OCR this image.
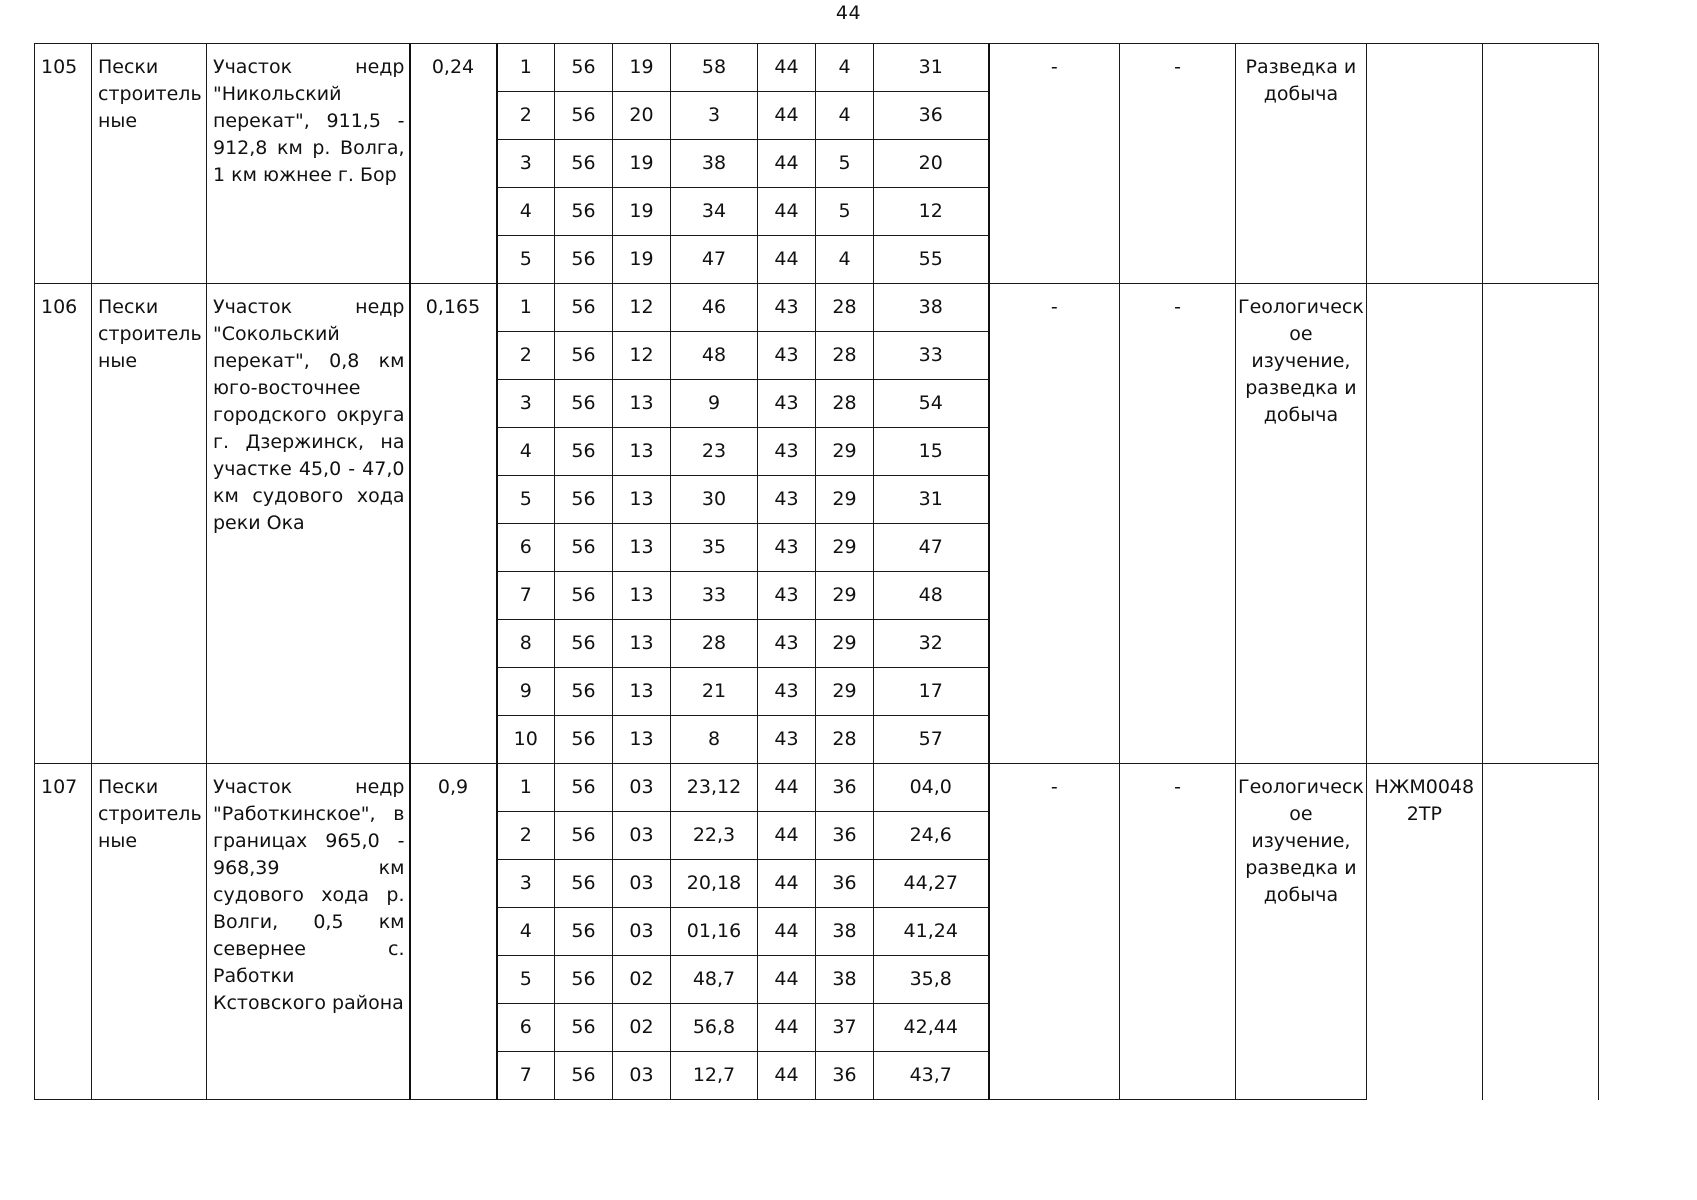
44
105	Пески строитель ные	Участок недр "Никольский перекат", 911,5 - 912,8 км р. Волга, 1 км южнее г. Бор	0,24	1	56	19	58	44	4	31	-	-	Разведка и добыча		
				2	56	20	3	44	4	36					
				3	56	19	38	44	5	20					
				4	56	19	34	44	5	12					
				5	56	19	47	44	4	55					
106	Пески строитель ные	Участок недр "Сокольский перекат", 0,8 км юго-восточнее городского округа г. Дзержинск, на участке 45,0 - 47,0 км судового хода реки Ока	0,165	1	56	12	46	43	28	38	-	-	Геологическ ое изучение, разведка и добыча		
				2	56	12	48	43	28	33					
				3	56	13	9	43	28	54					
				4	56	13	23	43	29	15					
				5	56	13	30	43	29	31					
				6	56	13	35	43	29	47					
				7	56	13	33	43	29	48					
				8	56	13	28	43	29	32					
				9	56	13	21	43	29	17					
				10	56	13	8	43	28	57					
107	Пески строитель ные	Участок недр "Работкинское", в границах 965,0 - 968,39 км судового хода р. Волги, 0,5 км севернее с. Работки Кстовского района	0,9	1	56	03	23,12	44	36	04,0	-	-	Геологическ ое изучение, разведка и добыча	НЖМ0048 2ТР	
				2	56	03	22,3	44	36	24,6					
				3	56	03	20,18	44	36	44,27					
				4	56	03	01,16	44	38	41,24					
				5	56	02	48,7	44	38	35,8					
				6	56	02	56,8	44	37	42,44					
				7	56	03	12,7	44	36	43,7					
